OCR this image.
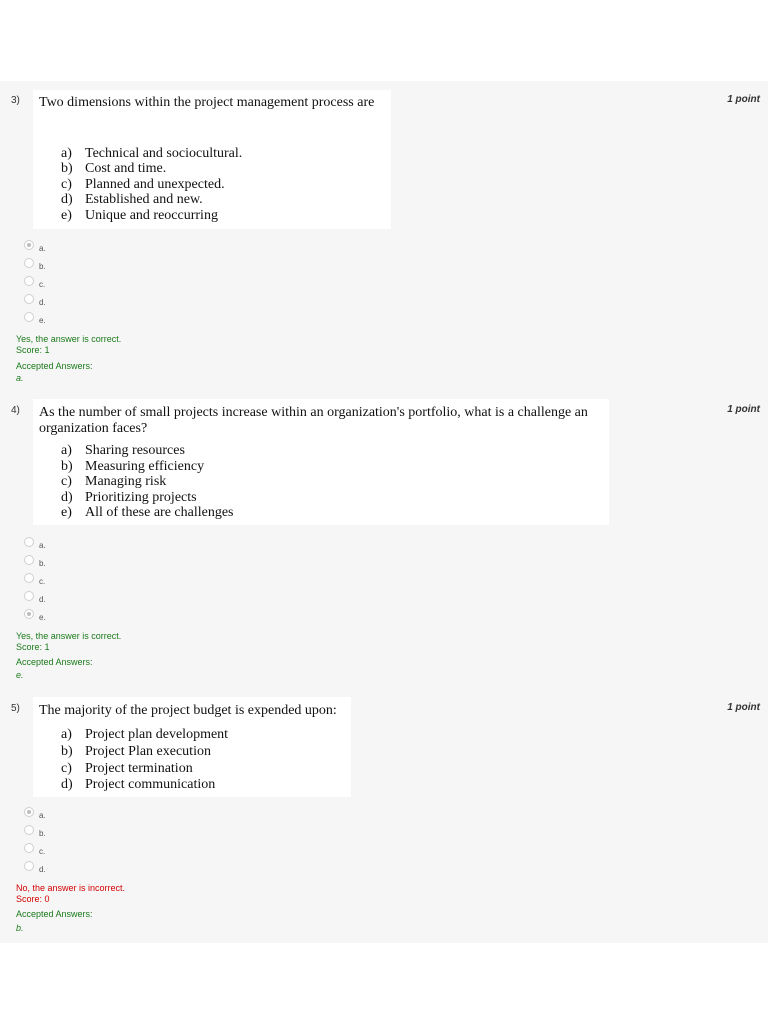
3)	1 point
Two dimensions within the project management process are
a) Technical and sociocultural.
b) Cost and time.
c) Planned and unexpected.
d) Established and new.
e) Unique and reoccurring
a.
b.
c.
d.
e.
Yes, the answer is correct.
Score: 1
Accepted Answers:
a.
4)	1 point
As the number of small projects increase within an organization's portfolio, what is a challenge an
organization faces?
a) Sharing resources
b) Measuring efficiency
c) Managing risk
d) Prioritizing projects
e) All of these are challenges
a.
b.
c.
d.
e.
Yes, the answer is correct.
Score: 1
Accepted Answers:
e.
5)	1 point
The majority of the project budget is expended upon:
a) Project plan development
b) Project Plan execution
c) Project termination
d) Project communication
a.
b.
c.
d.
No, the answer is incorrect.
Score: 0
Accepted Answers:
b.
